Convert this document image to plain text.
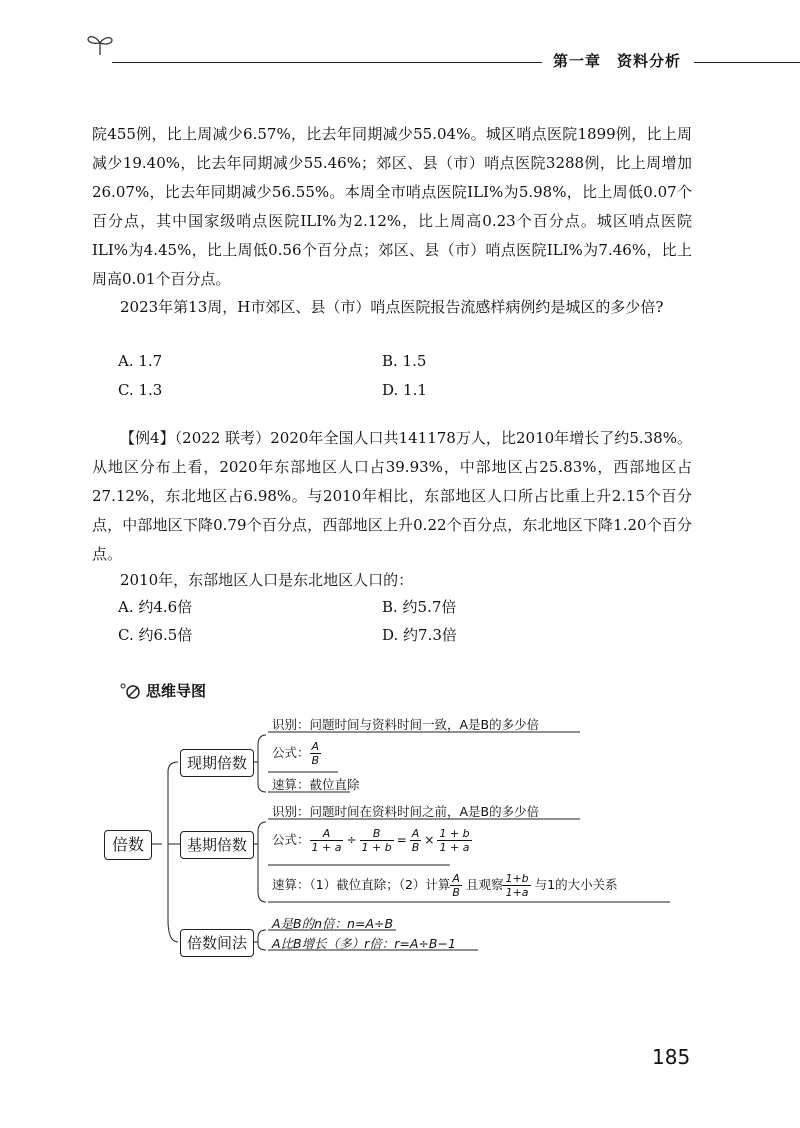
第一章　资料分析

院455例，比上周减少6.57%，比去年同期减少55.04%。城区哨点医院1899例，比上周减少19.40%，比去年同期减少55.46%；郊区、县（市）哨点医院3288例，比上周增加26.07%，比去年同期减少56.55%。本周全市哨点医院ILI%为5.98%，比上周低0.07个百分点，其中国家级哨点医院ILI%为2.12%，比上周高0.23个百分点。城区哨点医院ILI%为4.45%，比上周低0.56个百分点；郊区、县（市）哨点医院ILI%为7.46%，比上周高0.01个百分点。

2023年第13周，H市郊区、县（市）哨点医院报告流感样病例约是城区的多少倍?

A. 1.7	B. 1.5
C. 1.3	D. 1.1

【例4】（2022 联考）2020年全国人口共141178万人，比2010年增长了约5.38%。从地区分布上看，2020年东部地区人口占39.93%，中部地区占25.83%，西部地区占27.12%，东北地区占6.98%。与2010年相比，东部地区人口所占比重上升2.15个百分点，中部地区下降0.79个百分点，西部地区上升0.22个百分点，东北地区下降1.20个百分点。

2010年，东部地区人口是东北地区人口的：

A. 约4.6倍	B. 约5.7倍
C. 约6.5倍	D. 约7.3倍
思维导图
倍数
现期倍数
识别：问题时间与资料时间一致，A是B的多少倍
公式： $\frac{A}{B}$
速算：截位直除
基期倍数
识别：问题时间在资料时间之前，A是B的多少倍
公式： $\frac{A}{1 + a} \div \frac{B}{1 + b} = \frac{A}{B} \times \frac{1 + b}{1 + a}$
速算：（1）截位直除；（2）计算 $\frac{A}{B}$ 且观察 $\frac{1+b}{1+a}$ 与1的大小关系
倍数间法
A是B的n倍：n=A÷B
A比B增长（多）r倍：r=A÷B−1
185
